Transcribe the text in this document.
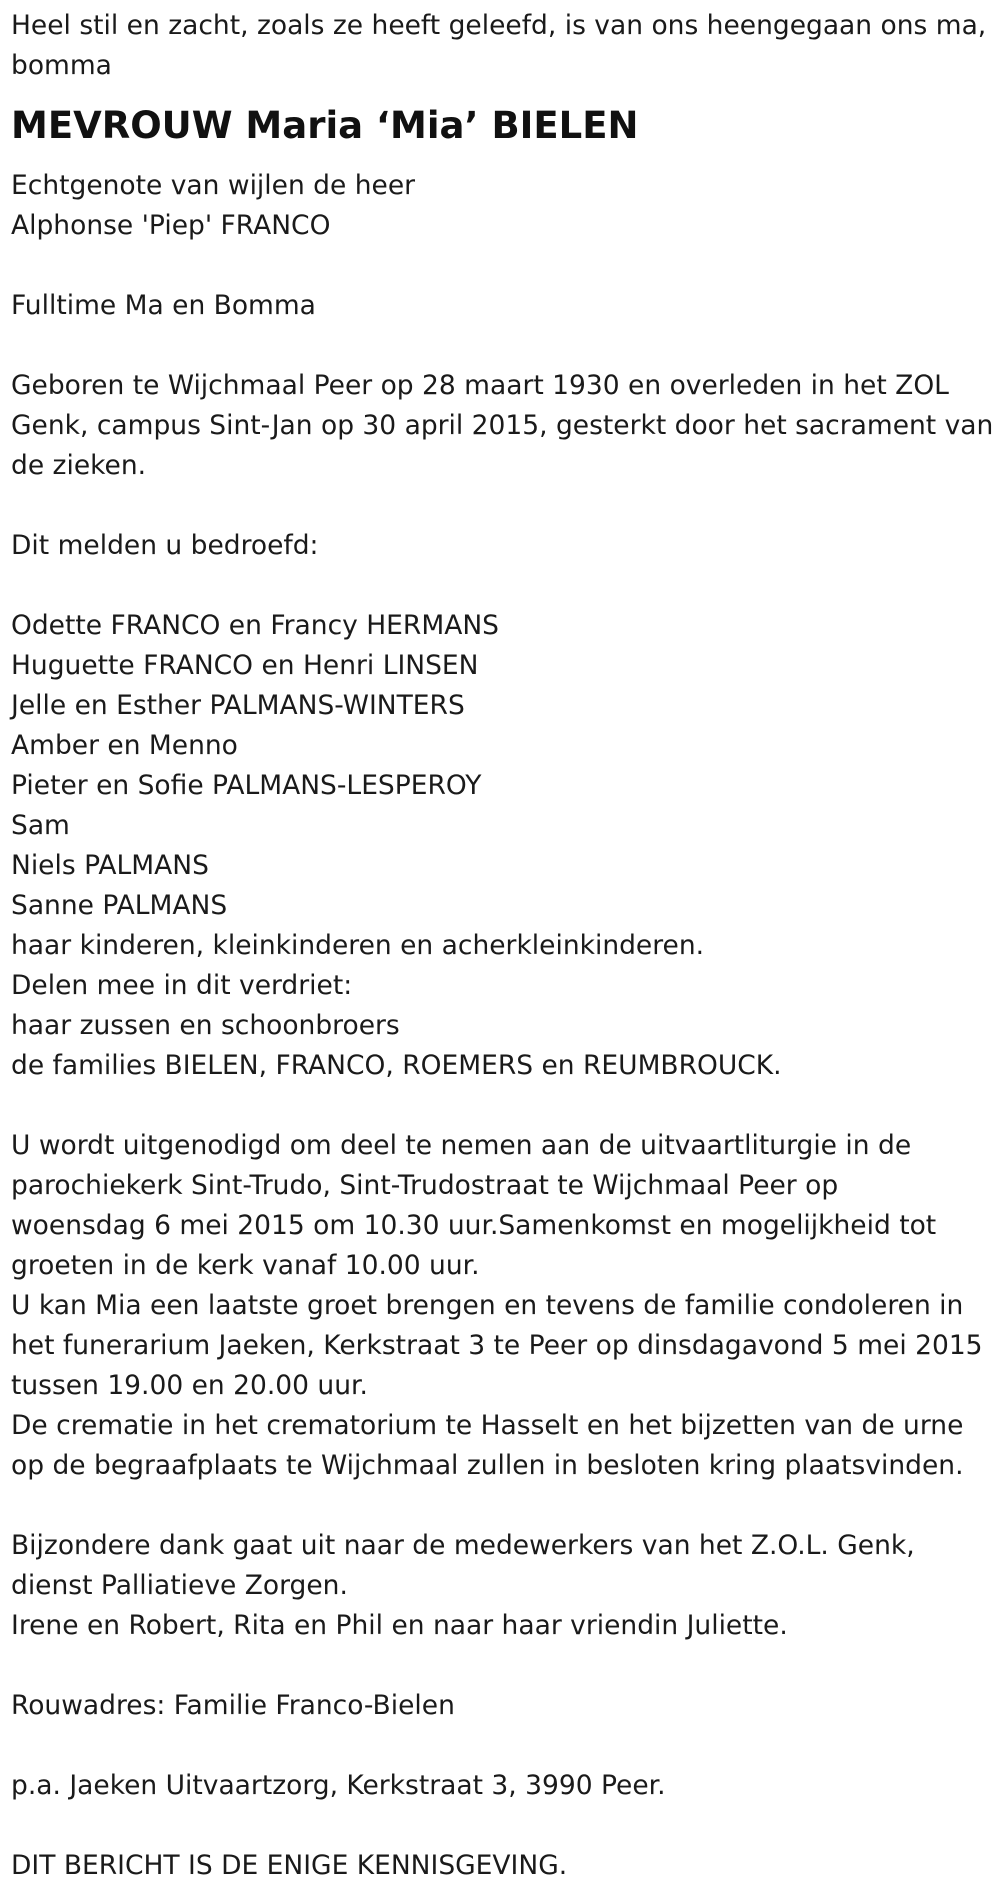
Heel stil en zacht, zoals ze heeft geleefd, is van ons heengegaan ons ma,
bomma
MEVROUW Maria ‘Mia’ BIELEN
Echtgenote van wijlen de heer
Alphonse 'Piep' FRANCO
Fulltime Ma en Bomma
Geboren te Wijchmaal Peer op 28 maart 1930 en overleden in het ZOL
Genk, campus Sint-Jan op 30 april 2015, gesterkt door het sacrament van
de zieken.
Dit melden u bedroefd:
Odette FRANCO en Francy HERMANS
Huguette FRANCO en Henri LINSEN
Jelle en Esther PALMANS-WINTERS
Amber en Menno
Pieter en Sofie PALMANS-LESPEROY
Sam
Niels PALMANS
Sanne PALMANS
haar kinderen, kleinkinderen en acherkleinkinderen.
Delen mee in dit verdriet:
haar zussen en schoonbroers
de families BIELEN, FRANCO, ROEMERS en REUMBROUCK.
U wordt uitgenodigd om deel te nemen aan de uitvaartliturgie in de
parochiekerk Sint-Trudo, Sint-Trudostraat te Wijchmaal Peer op
woensdag 6 mei 2015 om 10.30 uur.Samenkomst en mogelijkheid tot
groeten in de kerk vanaf 10.00 uur.
U kan Mia een laatste groet brengen en tevens de familie condoleren in
het funerarium Jaeken, Kerkstraat 3 te Peer op dinsdagavond 5 mei 2015
tussen 19.00 en 20.00 uur.
De crematie in het crematorium te Hasselt en het bijzetten van de urne
op de begraafplaats te Wijchmaal zullen in besloten kring plaatsvinden.
Bijzondere dank gaat uit naar de medewerkers van het Z.O.L. Genk,
dienst Palliatieve Zorgen.
Irene en Robert, Rita en Phil en naar haar vriendin Juliette.
Rouwadres: Familie Franco-Bielen
p.a. Jaeken Uitvaartzorg, Kerkstraat 3, 3990 Peer.
DIT BERICHT IS DE ENIGE KENNISGEVING.
